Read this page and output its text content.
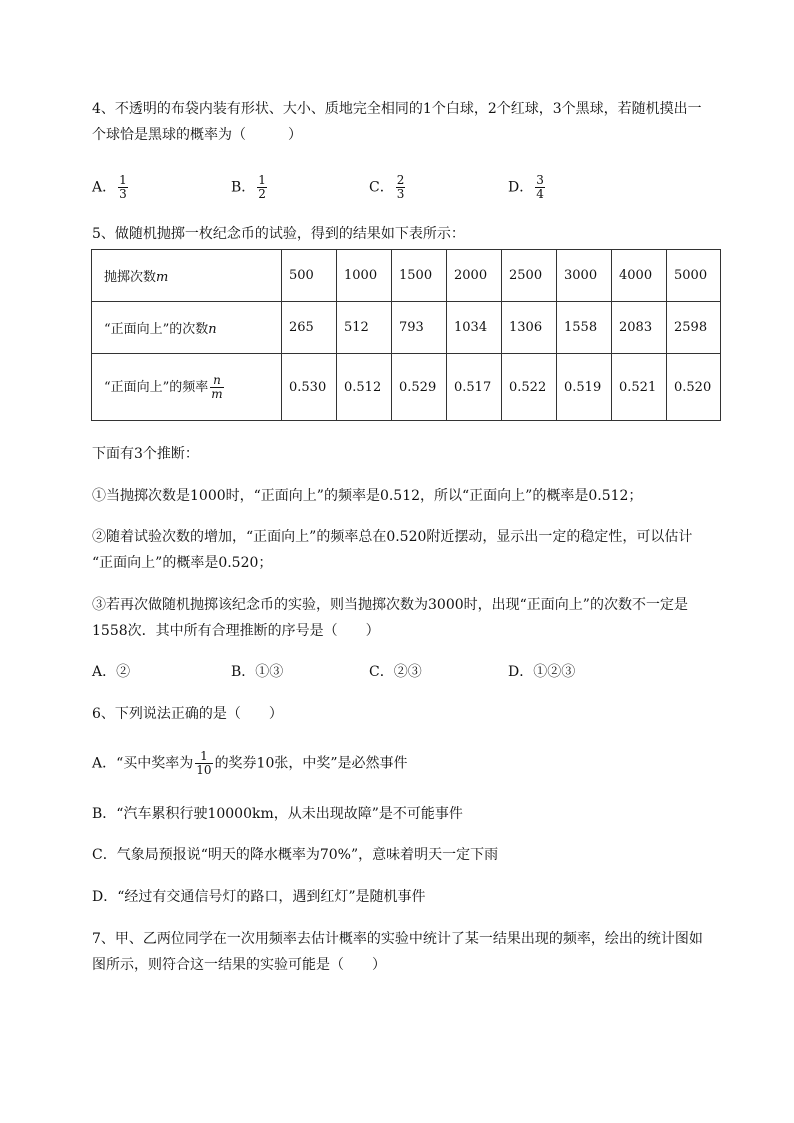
4、不透明的布袋内装有形状、大小、质地完全相同的1个白球，2个红球，3个黑球，若随机摸出一
个球恰是黑球的概率为（　　　）
A． $\frac{1}{3}$	B． $\frac{1}{2}$	C． $\frac{2}{3}$	D． $\frac{3}{4}$
5、做随机抛掷一枚纪念币的试验，得到的结果如下表所示：
抛掷次数m	500	1000	1500	2000	2500	3000	4000	5000
“正面向上”的次数n	265	512	793	1034	1306	1558	2083	2598
“正面向上”的频率 $\frac{n}{m}$	0.530	0.512	0.529	0.517	0.522	0.519	0.521	0.520
下面有3个推断：
①当抛掷次数是1000时，“正面向上”的频率是0.512，所以“正面向上”的概率是0.512；
②随着试验次数的增加，“正面向上”的频率总在0.520附近摆动，显示出一定的稳定性，可以估计
“正面向上”的概率是0.520；
③若再次做随机抛掷该纪念币的实验，则当抛掷次数为3000时，出现“正面向上”的次数不一定是
1558次．其中所有合理推断的序号是（　　）
A．②	B．①③	C．②③	D．①②③
6、下列说法正确的是（　　）
A．“买中奖率为 $\frac{1}{10}$ 的奖券10张，中奖”是必然事件
B．“汽车累积行驶10000km，从未出现故障”是不可能事件
C．气象局预报说“明天的降水概率为70%”，意味着明天一定下雨
D．“经过有交通信号灯的路口，遇到红灯”是随机事件
7、甲、乙两位同学在一次用频率去估计概率的实验中统计了某一结果出现的频率，绘出的统计图如
图所示，则符合这一结果的实验可能是（　　）
